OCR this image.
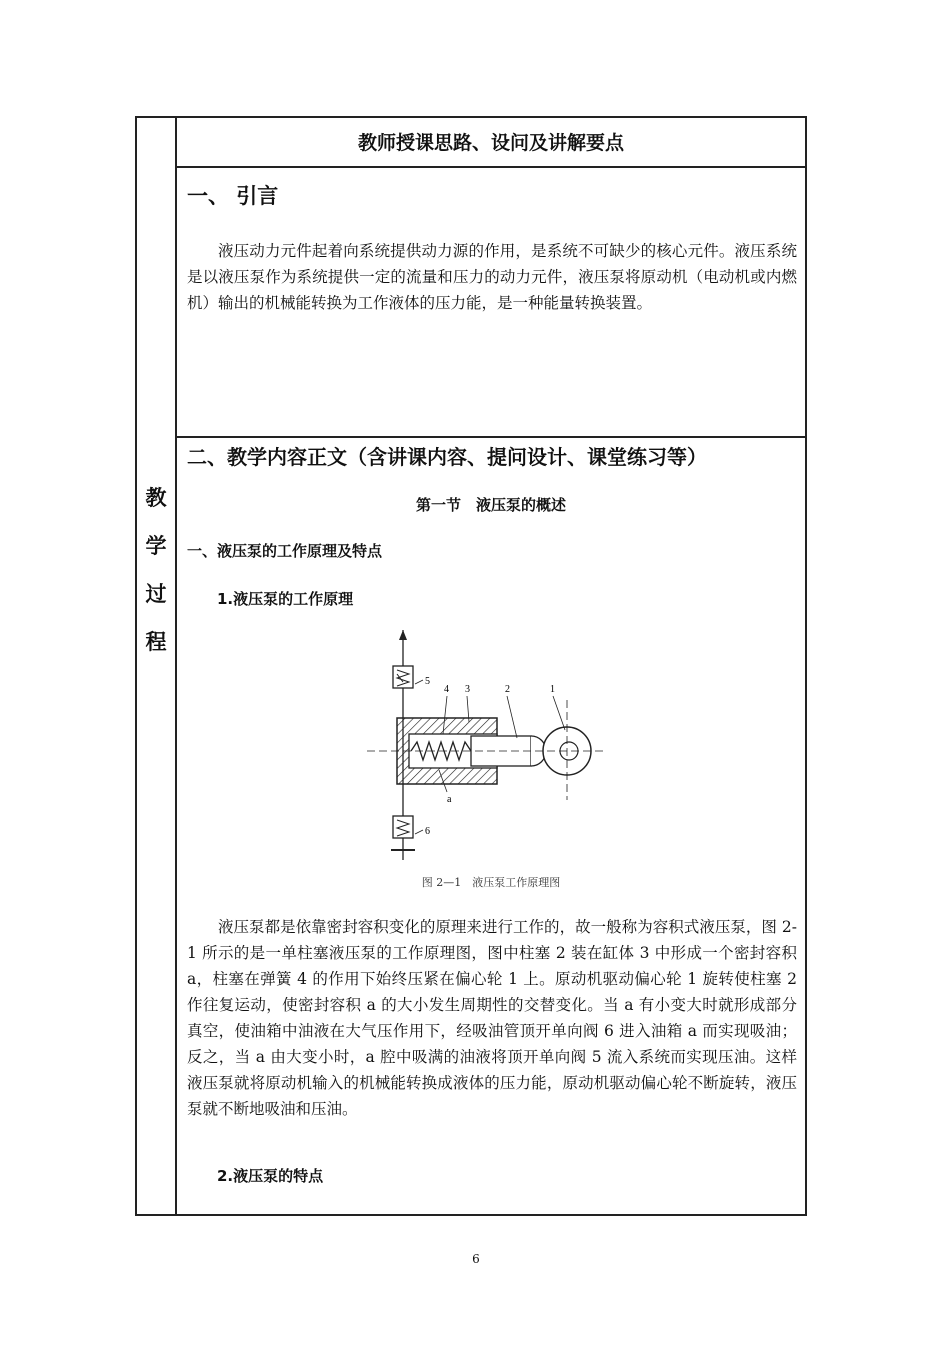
教
学
过
程
教师授课思路、设问及讲解要点
一、 引言
液压动力元件起着向系统提供动力源的作用，是系统不可缺少的核心元件。液压系统是以液压泵作为系统提供一定的流量和压力的动力元件，液压泵将原动机（电动机或内燃机）输出的机械能转换为工作液体的压力能，是一种能量转换装置。
二、教学内容正文（含讲课内容、提问设计、课堂练习等）
第一节　液压泵的概述
一、液压泵的工作原理及特点
1.液压泵的工作原理
5
4 3	2	1
a
6
图 2—1　液压泵工作原理图
液压泵都是依靠密封容积变化的原理来进行工作的，故一般称为容积式液压泵，图 2-1 所示的是一单柱塞液压泵的工作原理图，图中柱塞 2 装在缸体 3 中形成一个密封容积 a，柱塞在弹簧 4 的作用下始终压紧在偏心轮 1 上。原动机驱动偏心轮 1 旋转使柱塞 2 作往复运动，使密封容积 a 的大小发生周期性的交替变化。当 a 有小变大时就形成部分真空，使油箱中油液在大气压作用下，经吸油管顶开单向阀 6 进入油箱 a 而实现吸油；反之，当 a 由大变小时，a 腔中吸满的油液将顶开单向阀 5 流入系统而实现压油。这样液压泵就将原动机输入的机械能转换成液体的压力能，原动机驱动偏心轮不断旋转，液压泵就不断地吸油和压油。
2.液压泵的特点
6
